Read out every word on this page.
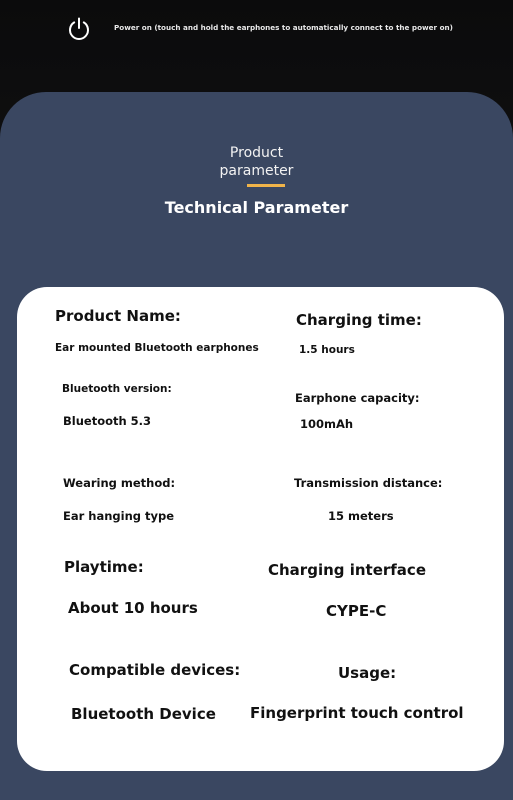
Power on (touch and hold the earphones to automatically connect to the power on)
Product
parameter
Technical Parameter
Product Name:
Ear mounted Bluetooth earphones
Charging time:
1.5 hours
Bluetooth version:
Bluetooth 5.3
Earphone capacity:
100mAh
Wearing method:
Ear hanging type
Transmission distance:
15 meters
Playtime:
About 10 hours
Charging interface
CYPE-C
Compatible devices:
Bluetooth Device
Usage:
Fingerprint touch control
